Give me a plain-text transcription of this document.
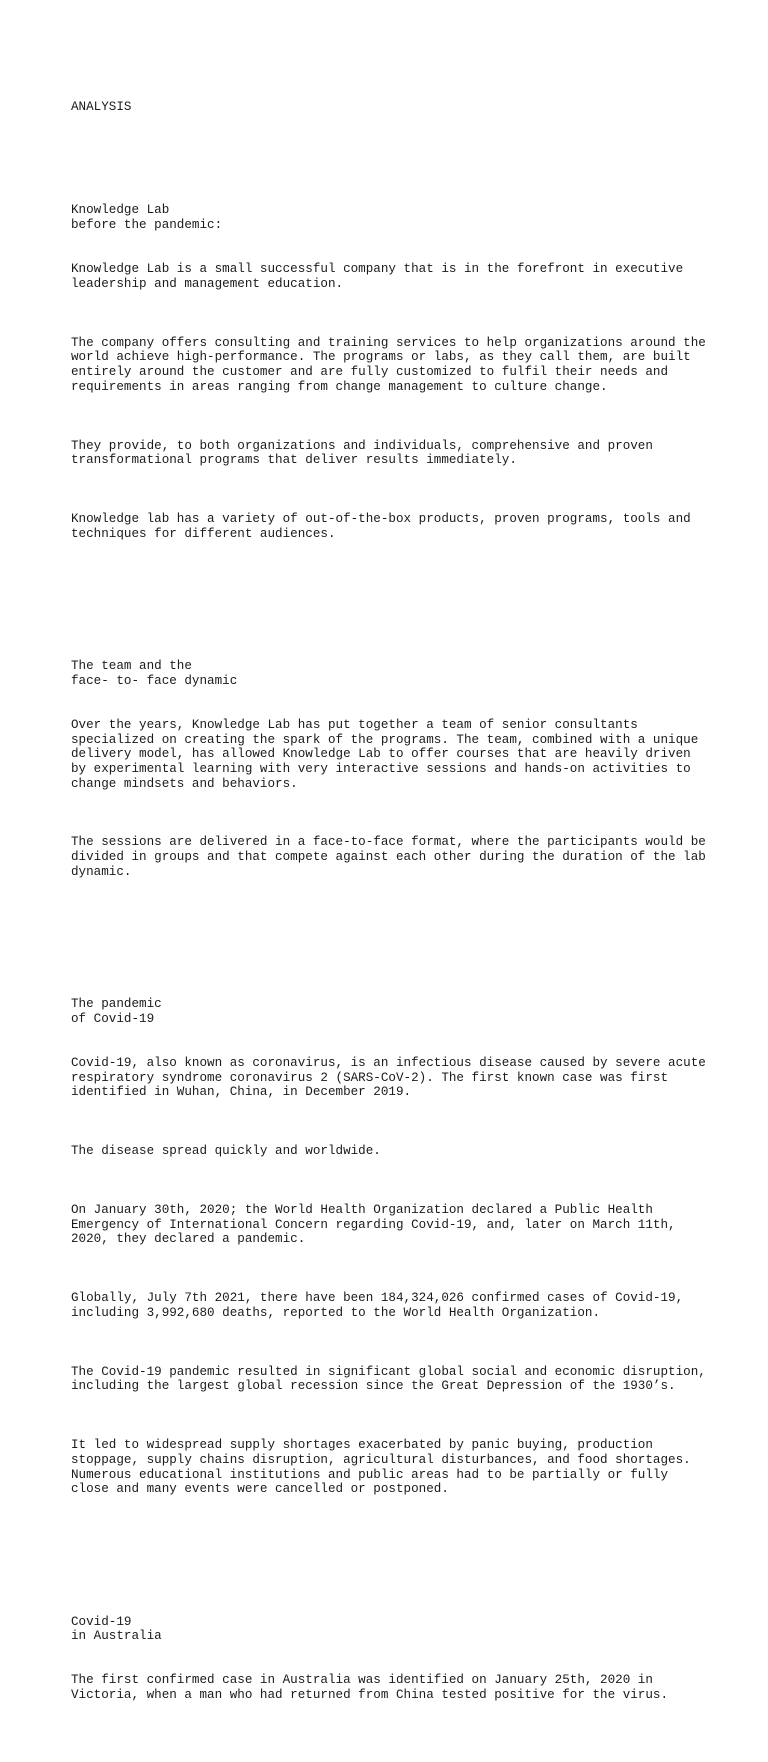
ANALYSIS

Knowledge Lab
before the pandemic:

Knowledge Lab is a small successful company that is in the forefront in executive leadership and management education.

The company offers consulting and training services to help organizations around the world achieve high-performance. The programs or labs, as they call them, are built entirely around the customer and are fully customized to fulfil their needs and requirements in areas ranging from change management to culture change.

They provide, to both organizations and individuals, comprehensive and proven transformational programs that deliver results immediately.

Knowledge lab has a variety of out-of-the-box products, proven programs, tools and techniques for different audiences.

The team and the
face- to- face dynamic

Over the years, Knowledge Lab has put together a team of senior consultants specialized on creating the spark of the programs. The team, combined with a unique delivery model, has allowed Knowledge Lab to offer courses that are heavily driven by experimental learning with very interactive sessions and hands-on activities to change mindsets and behaviors.

The sessions are delivered in a face-to-face format, where the participants would be divided in groups and that compete against each other during the duration of the lab dynamic.

The pandemic
of Covid-19

Covid-19, also known as coronavirus, is an infectious disease caused by severe acute respiratory syndrome coronavirus 2 (SARS-CoV-2). The first known case was first identified in Wuhan, China, in December 2019.

The disease spread quickly and worldwide.

On January 30th, 2020; the World Health Organization declared a Public Health Emergency of International Concern regarding Covid-19, and, later on March 11th, 2020, they declared a pandemic.

Globally, July 7th 2021, there have been 184,324,026 confirmed cases of Covid-19, including 3,992,680 deaths, reported to the World Health Organization.

The Covid-19 pandemic resulted in significant global social and economic disruption, including the largest global recession since the Great Depression of the 1930’s.

It led to widespread supply shortages exacerbated by panic buying, production stoppage, supply chains disruption, agricultural disturbances, and food shortages. Numerous educational institutions and public areas had to be partially or fully close and many events were cancelled or postponed.

Covid-19
in Australia

The first confirmed case in Australia was identified on January 25th, 2020 in Victoria, when a man who had returned from China tested positive for the virus.
